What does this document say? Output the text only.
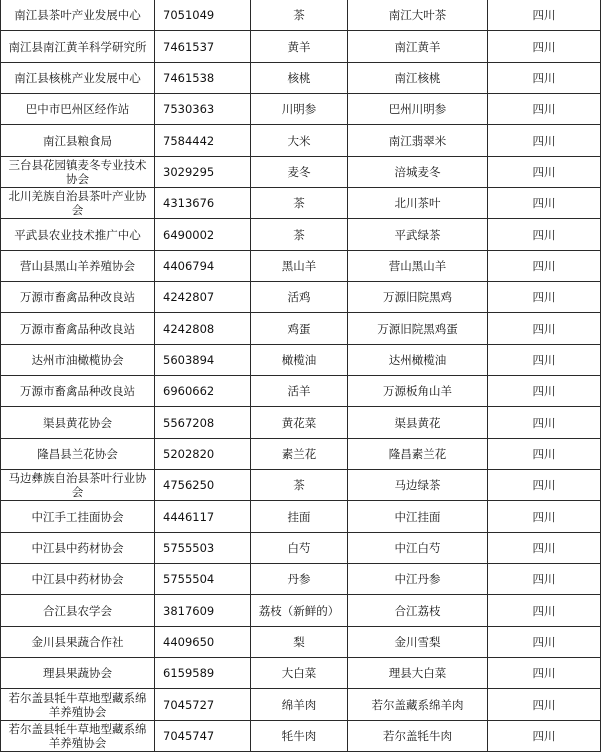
南江县茶叶产业发展中心	7051049	茶	南江大叶茶	四川
南江县南江黄羊科学研究所	7461537	黄羊	南江黄羊	四川
南江县核桃产业发展中心	7461538	核桃	南江核桃	四川
巴中市巴州区经作站	7530363	川明参	巴州川明参	四川
南江县粮食局	7584442	大米	南江翡翠米	四川
三台县花园镇麦冬专业技术协会	3029295	麦冬	涪城麦冬	四川
北川羌族自治县茶叶产业协会	4313676	茶	北川茶叶	四川
平武县农业技术推广中心	6490002	茶	平武绿茶	四川
营山县黑山羊养殖协会	4406794	黑山羊	营山黑山羊	四川
万源市畜禽品种改良站	4242807	活鸡	万源旧院黑鸡	四川
万源市畜禽品种改良站	4242808	鸡蛋	万源旧院黑鸡蛋	四川
达州市油橄榄协会	5603894	橄榄油	达州橄榄油	四川
万源市畜禽品种改良站	6960662	活羊	万源板角山羊	四川
渠县黄花协会	5567208	黄花菜	渠县黄花	四川
隆昌县兰花协会	5202820	素兰花	隆昌素兰花	四川
马边彝族自治县茶叶行业协会	4756250	茶	马边绿茶	四川
中江手工挂面协会	4446117	挂面	中江挂面	四川
中江县中药材协会	5755503	白芍	中江白芍	四川
中江县中药材协会	5755504	丹参	中江丹参	四川
合江县农学会	3817609	荔枝（新鲜的）	合江荔枝	四川
金川县果蔬合作社	4409650	梨	金川雪梨	四川
理县果蔬协会	6159589	大白菜	理县大白菜	四川
若尔盖县牦牛草地型藏系绵羊养殖协会	7045727	绵羊肉	若尔盖藏系绵羊肉	四川
若尔盖县牦牛草地型藏系绵羊养殖协会	7045747	牦牛肉	若尔盖牦牛肉	四川
